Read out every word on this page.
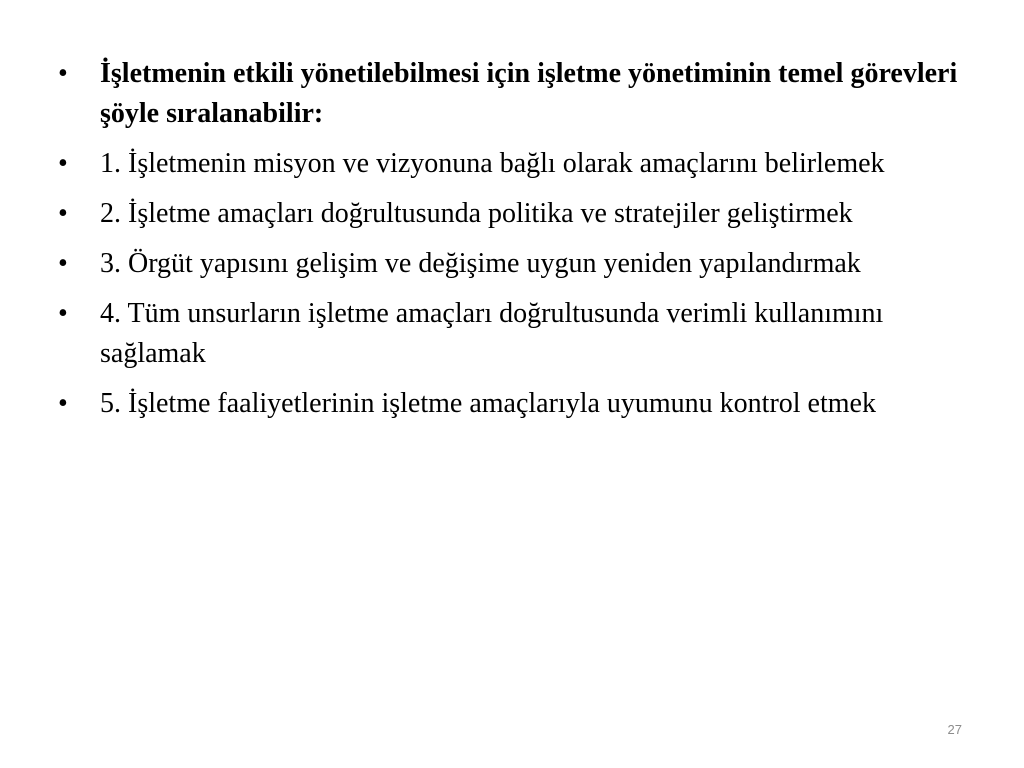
•	İşletmenin etkili yönetilebilmesi için işletme yönetiminin temel görevleri şöyle sıralanabilir:
•	1. İşletmenin misyon ve vizyonuna bağlı olarak amaçlarını belirlemek
•	2. İşletme amaçları doğrultusunda politika ve stratejiler geliştirmek
•	3. Örgüt yapısını gelişim ve değişime uygun yeniden yapılandırmak
•	4. Tüm unsurların işletme amaçları doğrultusunda verimli kullanımını sağlamak
•	5. İşletme faaliyetlerinin işletme amaçlarıyla uyumunu kontrol etmek
27
